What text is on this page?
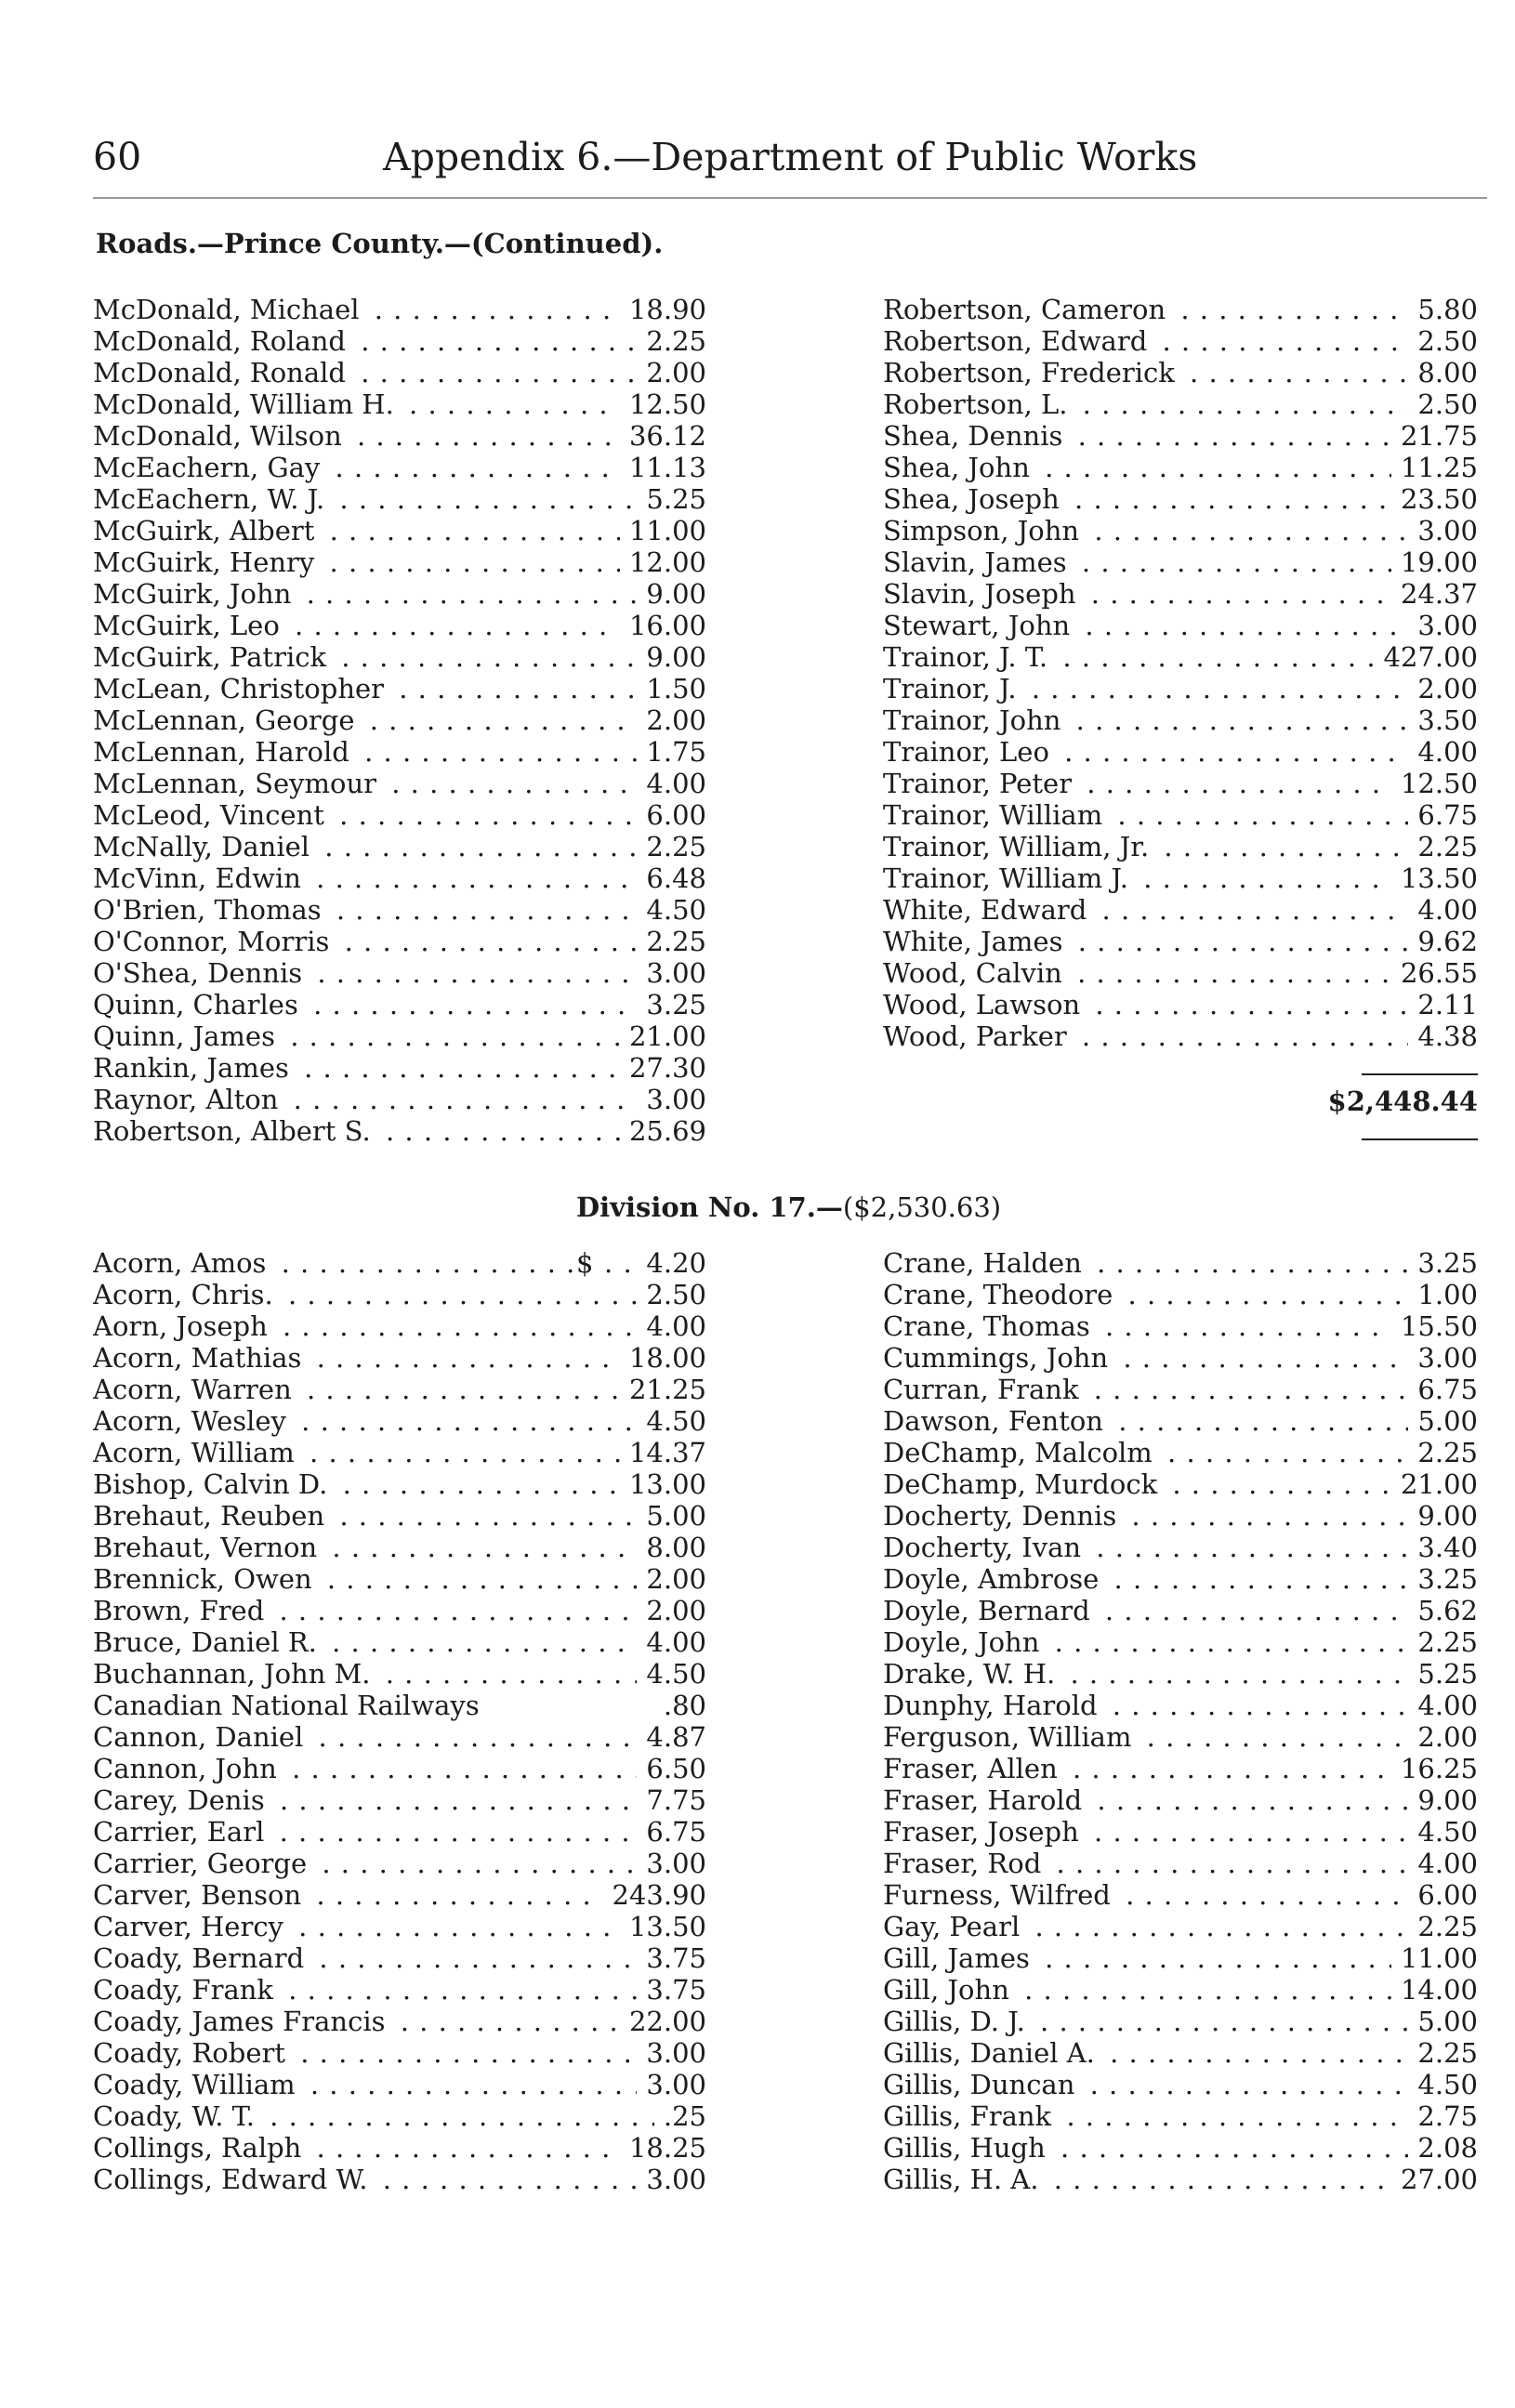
60	Appendix 6.—Department of Public Works
Roads.—Prince County.—(Continued).
McDonald, Michael . . .	18.90
McDonald, Roland . . .	2.25
McDonald, Ronald . . .	2.00
McDonald, William H. . . .	12.50
McDonald, Wilson . . .	36.12
McEachern, Gay . . .	11.13
McEachern, W. J. . . .	5.25
McGuirk, Albert . . .	11.00
McGuirk, Henry . . .	12.00
McGuirk, John . . .	9.00
McGuirk, Leo . . .	16.00
McGuirk, Patrick . . .	9.00
McLean, Christopher . . .	1.50
McLennan, George . . .	2.00
McLennan, Harold . . .	1.75
McLennan, Seymour . . .	4.00
McLeod, Vincent . . .	6.00
McNally, Daniel . . .	2.25
McVinn, Edwin . . .	6.48
O'Brien, Thomas . . .	4.50
O'Connor, Morris . . .	2.25
O'Shea, Dennis . . .	3.00
Quinn, Charles . . .	3.25
Quinn, James . . .	21.00
Rankin, James . . .	27.30
Raynor, Alton . . .	3.00
Robertson, Albert S. . . .	25.69
Robertson, Cameron . . .	5.80
Robertson, Edward . . .	2.50
Robertson, Frederick . . .	8.00
Robertson, L. . . .	2.50
Shea, Dennis . . .	21.75
Shea, John . . .	11.25
Shea, Joseph . . .	23.50
Simpson, John . . .	3.00
Slavin, James . . .	19.00
Slavin, Joseph . . .	24.37
Stewart, John . . .	3.00
Trainor, J. T. . . .	427.00
Trainor, J. . . .	2.00
Trainor, John . . .	3.50
Trainor, Leo . . .	4.00
Trainor, Peter . . .	12.50
Trainor, William . . .	6.75
Trainor, William, Jr. . . .	2.25
Trainor, William J. . . .	13.50
White, Edward . . .	4.00
White, James . . .	9.62
Wood, Calvin . . .	26.55
Wood, Lawson . . .	2.11
Wood, Parker . . .	4.38
$2,448.44
Division No. 17.—($2,530.63)
Acorn, Amos . . .	$	4.20
Acorn, Chris. . . .	2.50
Aorn, Joseph . . .	4.00
Acorn, Mathias . . .	18.00
Acorn, Warren . . .	21.25
Acorn, Wesley . . .	4.50
Acorn, William . . .	14.37
Bishop, Calvin D. . . .	13.00
Brehaut, Reuben . . .	5.00
Brehaut, Vernon . . .	8.00
Brennick, Owen . . .	2.00
Brown, Fred . . .	2.00
Bruce, Daniel R. . . .	4.00
Buchannan, John M. . . .	4.50
Canadian National Railways	.80
Cannon, Daniel . . .	4.87
Cannon, John . . .	6.50
Carey, Denis . . .	7.75
Carrier, Earl . . .	6.75
Carrier, George . . .	3.00
Carver, Benson . . .	243.90
Carver, Hercy . . .	13.50
Coady, Bernard . . .	3.75
Coady, Frank . . .	3.75
Coady, James Francis . . .	22.00
Coady, Robert . . .	3.00
Coady, William . . .	3.00
Coady, W. T. . . .	.25
Collings, Ralph . . .	18.25
Collings, Edward W. . . .	3.00
Crane, Halden . . .	3.25
Crane, Theodore . . .	1.00
Crane, Thomas . . .	15.50
Cummings, John . . .	3.00
Curran, Frank . . .	6.75
Dawson, Fenton . . .	5.00
DeChamp, Malcolm . . .	2.25
DeChamp, Murdock . . .	21.00
Docherty, Dennis . . .	9.00
Docherty, Ivan . . .	3.40
Doyle, Ambrose . . .	3.25
Doyle, Bernard . . .	5.62
Doyle, John . . .	2.25
Drake, W. H. . . .	5.25
Dunphy, Harold . . .	4.00
Ferguson, William . . .	2.00
Fraser, Allen . . .	16.25
Fraser, Harold . . .	9.00
Fraser, Joseph . . .	4.50
Fraser, Rod . . .	4.00
Furness, Wilfred . . .	6.00
Gay, Pearl . . .	2.25
Gill, James . . .	11.00
Gill, John . . .	14.00
Gillis, D. J. . . .	5.00
Gillis, Daniel A. . . .	2.25
Gillis, Duncan . . .	4.50
Gillis, Frank . . .	2.75
Gillis, Hugh . . .	2.08
Gillis, H. A. . . .	27.00
